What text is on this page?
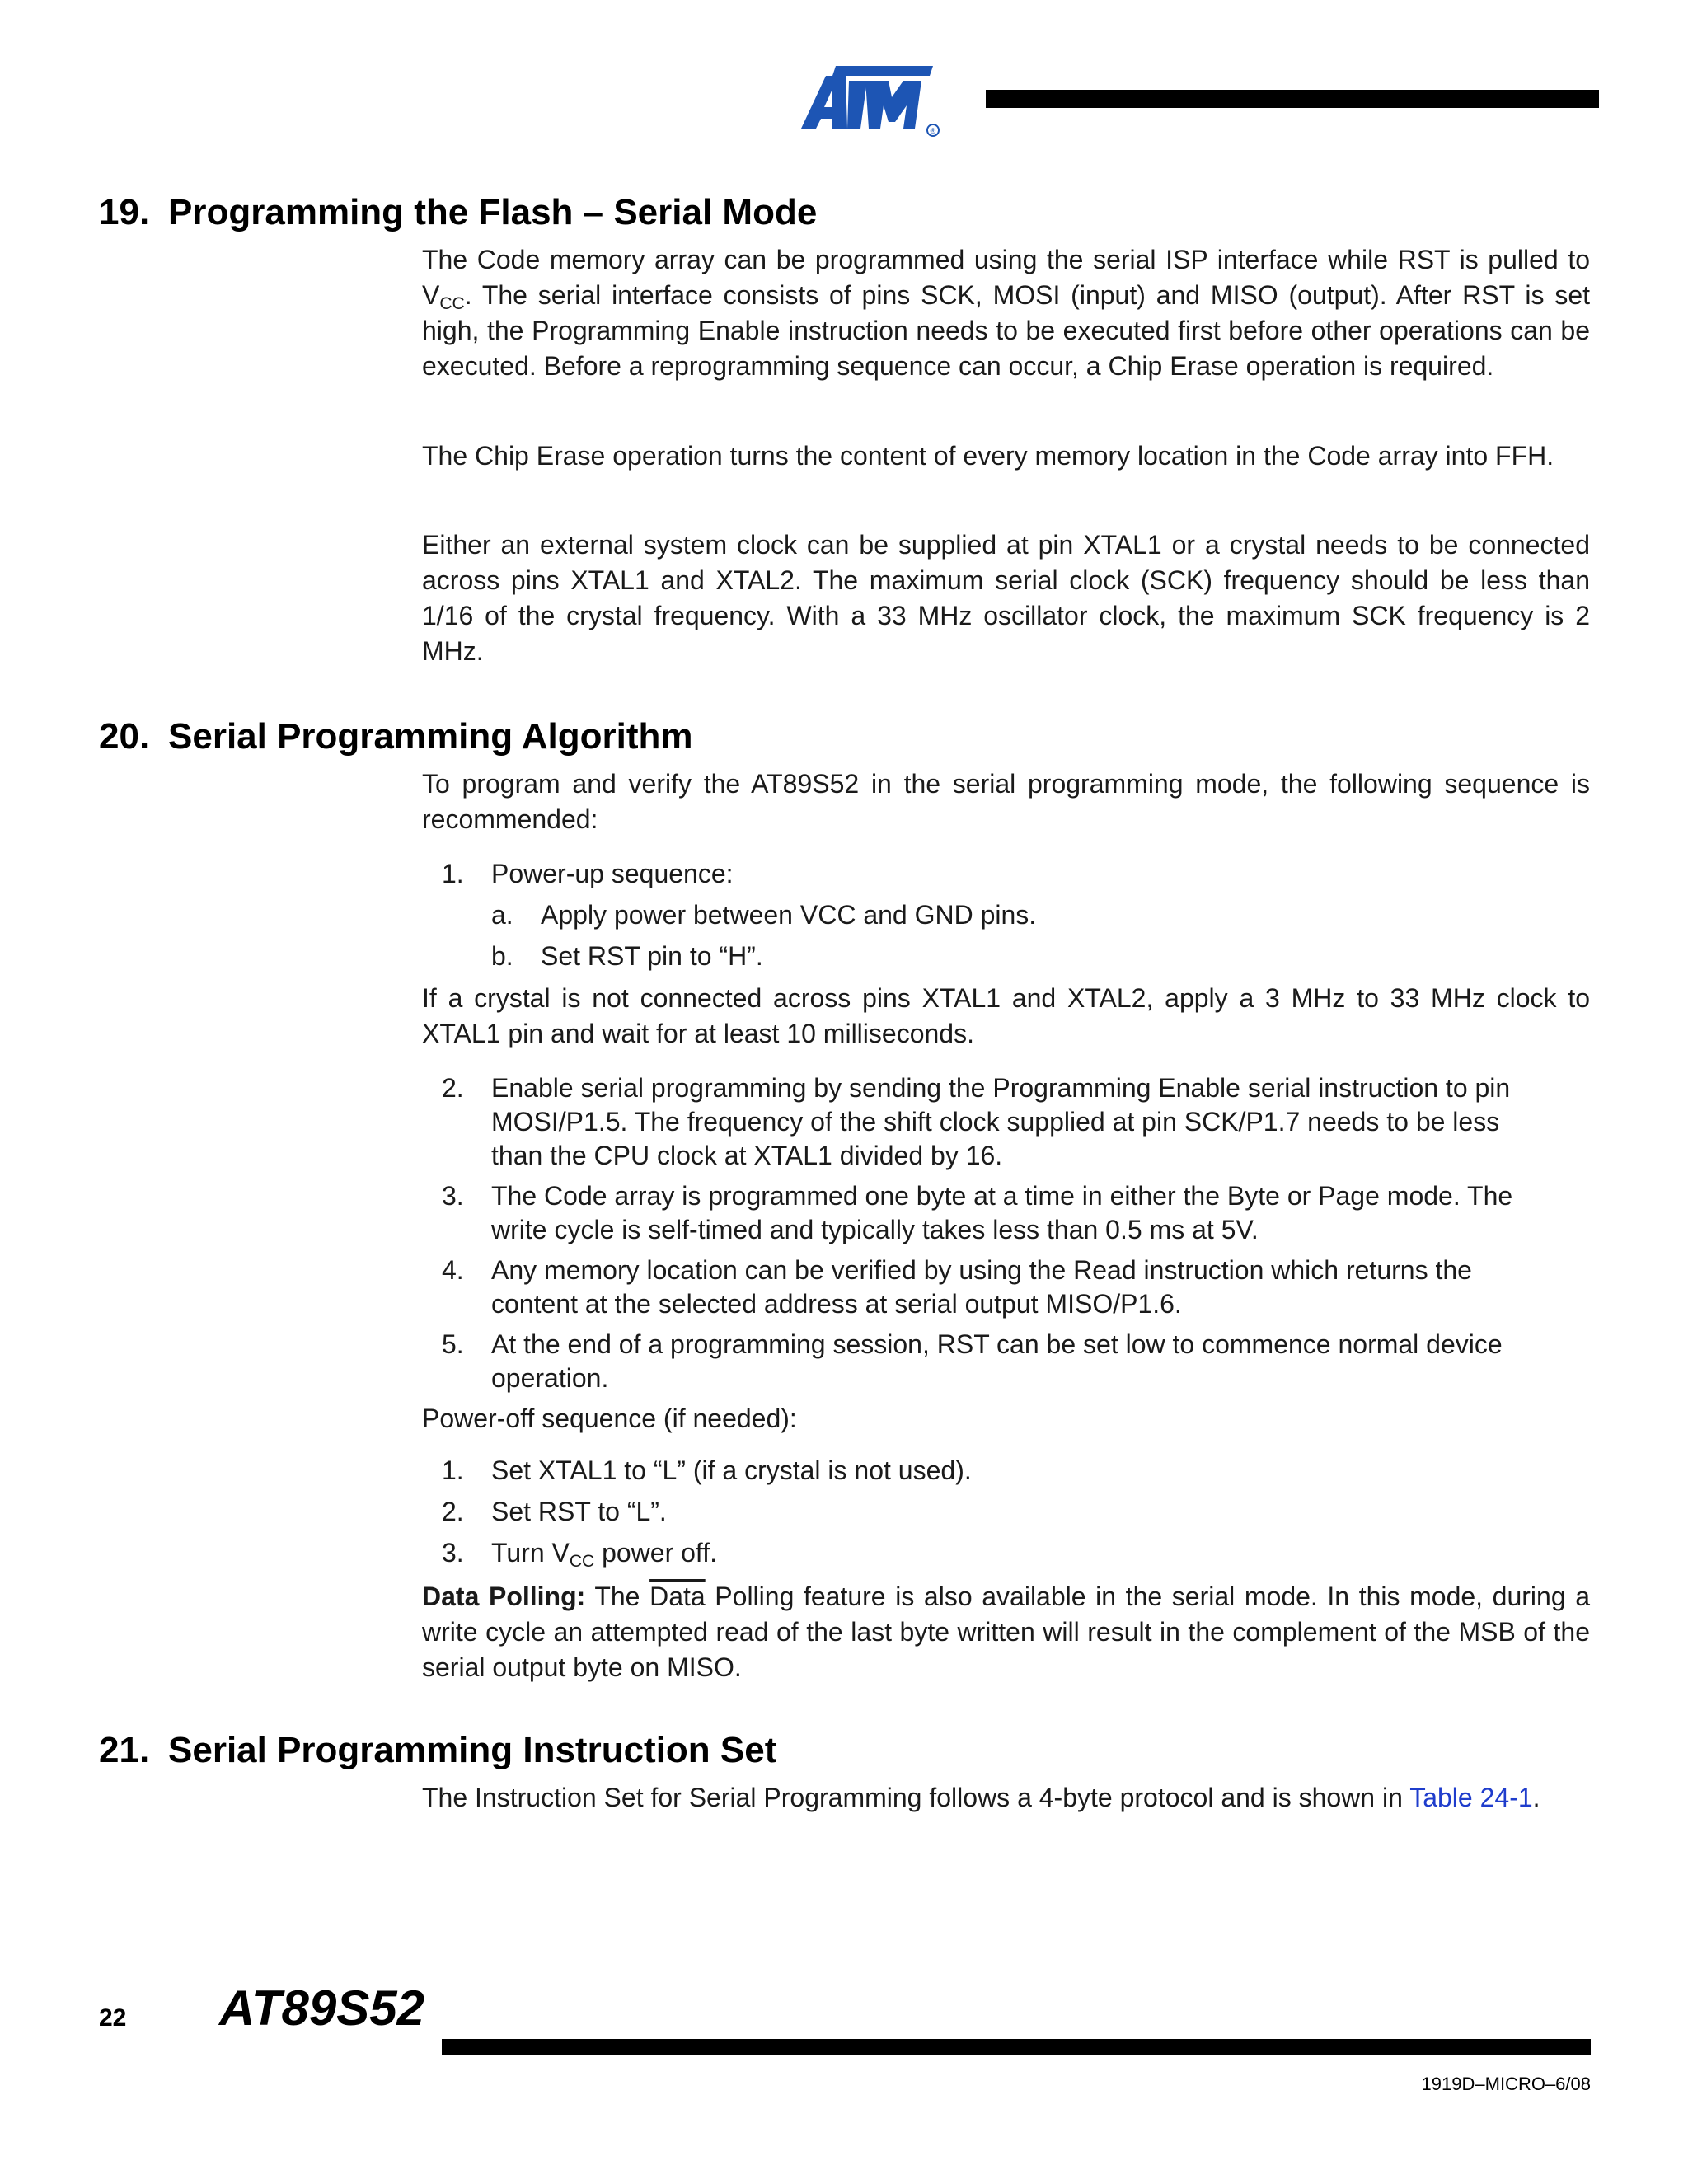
®
19. Programming the Flash – Serial Mode

The Code memory array can be programmed using the serial ISP interface while RST is pulled to $V_{CC}$. The serial interface consists of pins SCK, MOSI (input) and MISO (output). After RST is set high, the Programming Enable instruction needs to be executed first before other operations can be executed. Before a reprogramming sequence can occur, a Chip Erase operation is required.

The Chip Erase operation turns the content of every memory location in the Code array into FFH.

Either an external system clock can be supplied at pin XTAL1 or a crystal needs to be connected across pins XTAL1 and XTAL2. The maximum serial clock (SCK) frequency should be less than 1/16 of the crystal frequency. With a 33 MHz oscillator clock, the maximum SCK frequency is 2 MHz.

20. Serial Programming Algorithm

To program and verify the AT89S52 in the serial programming mode, the following sequence is recommended:

1. Power-up sequence:
a. Apply power between VCC and GND pins.
b. Set RST pin to “H”.

If a crystal is not connected across pins XTAL1 and XTAL2, apply a 3 MHz to 33 MHz clock to XTAL1 pin and wait for at least 10 milliseconds.

2. Enable serial programming by sending the Programming Enable serial instruction to pin MOSI/P1.5. The frequency of the shift clock supplied at pin SCK/P1.7 needs to be less than the CPU clock at XTAL1 divided by 16.
3. The Code array is programmed one byte at a time in either the Byte or Page mode. The write cycle is self-timed and typically takes less than 0.5 ms at 5V.
4. Any memory location can be verified by using the Read instruction which returns the content at the selected address at serial output MISO/P1.6.
5. At the end of a programming session, RST can be set low to commence normal device operation.

Power-off sequence (if needed):

1. Set XTAL1 to “L” (if a crystal is not used).
2. Set RST to “L”.
3. Turn $V_{CC}$ power off.

Data Polling: The Data Polling feature is also available in the serial mode. In this mode, during a write cycle an attempted read of the last byte written will result in the complement of the MSB of the serial output byte on MISO.

21. Serial Programming Instruction Set

The Instruction Set for Serial Programming follows a 4-byte protocol and is shown in Table 24-1.

22 AT89S52
1919D–MICRO–6/08
